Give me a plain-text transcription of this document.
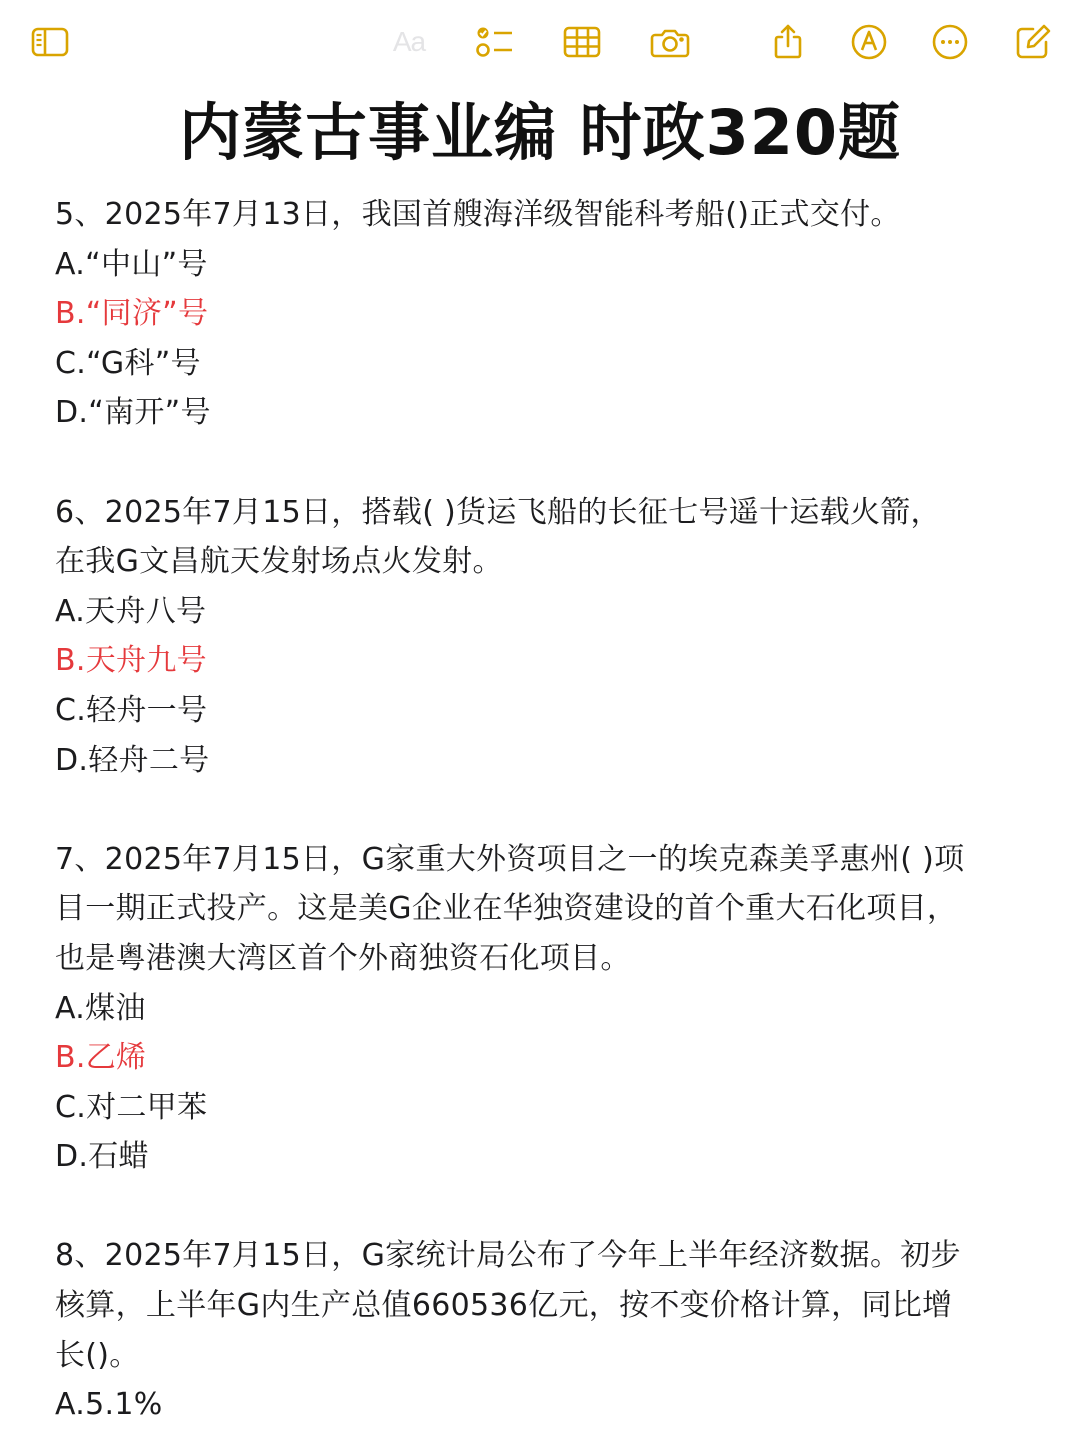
Aa
内蒙古事业编 时政320题

5、2025年7月13日，我国首艘海洋级智能科考船()正式交付。

A.“中山”号

B.“同济”号

C.“G科”号

D.“南开”号

6、2025年7月15日，搭载( )货运飞船的长征七号遥十运载火箭，

在我G文昌航天发射场点火发射。

A.天舟八号

B.天舟九号

C.轻舟一号

D.轻舟二号

7、2025年7月15日，G家重大外资项目之一的埃克森美孚惠州( )项

目一期正式投产。这是美G企业在华独资建设的首个重大石化项目，

也是粤港澳大湾区首个外商独资石化项目。

A.煤油

B.乙烯

C.对二甲苯

D.石蜡

8、2025年7月15日，G家统计局公布了今年上半年经济数据。初步

核算，上半年G内生产总值660536亿元，按不变价格计算，同比增

长()。

A.5.1%
